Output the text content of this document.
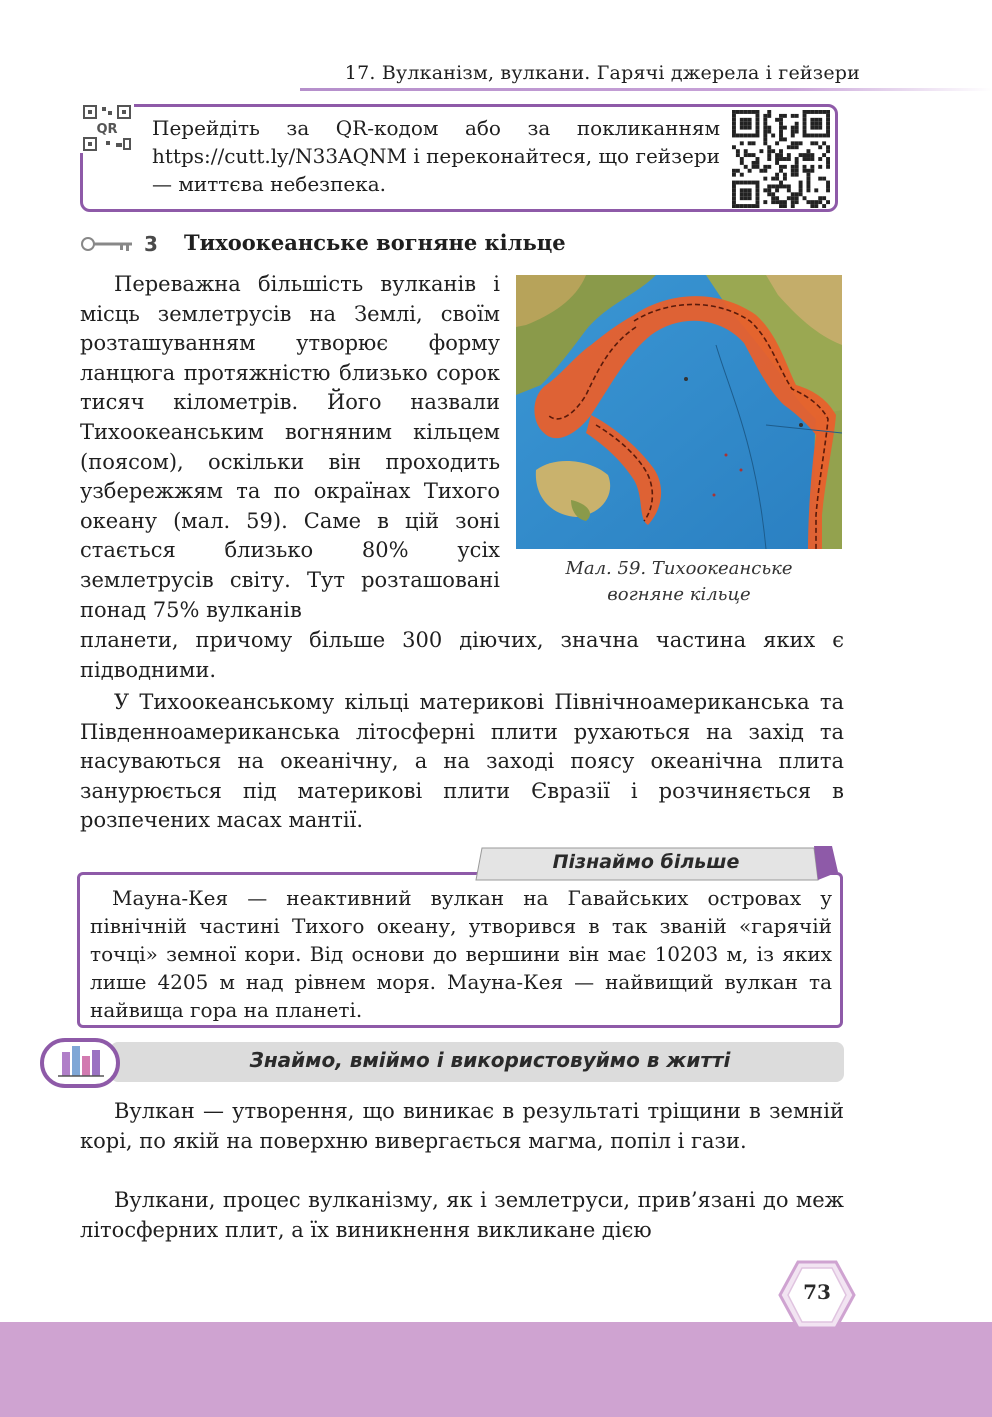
17. Вулканізм, вулкани. Гарячі джерела і гейзери
QR Перейдіть за QR-кодом або за покликанням https://cutt.ly/N33AQNM і переконайтеся, що гейзери — миттєва небезпека.
3 Тихоокеанське вогняне кільце
Переважна більшість вулканів і місць землетрусів на Землі, своїм розташуванням утворює форму ланцюга протяжністю близько сорок тисяч кілометрів. Його назвали Тихоокеанським вогняним кільцем (поясом), оскільки він проходить узбережжям та по окраїнах Тихого океану (мал. 59). Саме в цій зоні стається близько 80% усіх землетрусів світу. Тут розташовані понад 75% вулканів
Мал. 59. Тихоокеанське
вогняне кільце
планети, причому більше 300 діючих, значна частина яких є підводними.
У Тихоокеанському кільці материкові Північноамериканська та Південноамериканська літосферні плити рухаються на захід та насуваються на океанічну, а на заході поясу океанічна плита занурюється під материкові плити Євразії і розчиняється в розпечених масах мантії.
Пізнаймо більше
Мауна-Кея — неактивний вулкан на Гавайських островах у північній частині Тихого океану, утворився в так званій «гарячій точці» земної кори. Від основи до вершини він має 10203 м, із яких лише 4205 м над рівнем моря. Мауна-Кея — найвищий вулкан та найвища гора на планеті.
Знаймо, вміймо і використовуймо в житті
Вулкан — утворення, що виникає в результаті тріщини в земній корі, по якій на поверхню вивергається магма, попіл і гази.
Вулкани, процес вулканізму, як і землетруси, прив’язані до меж літосферних плит, а їх виникнення викликане дією
73
